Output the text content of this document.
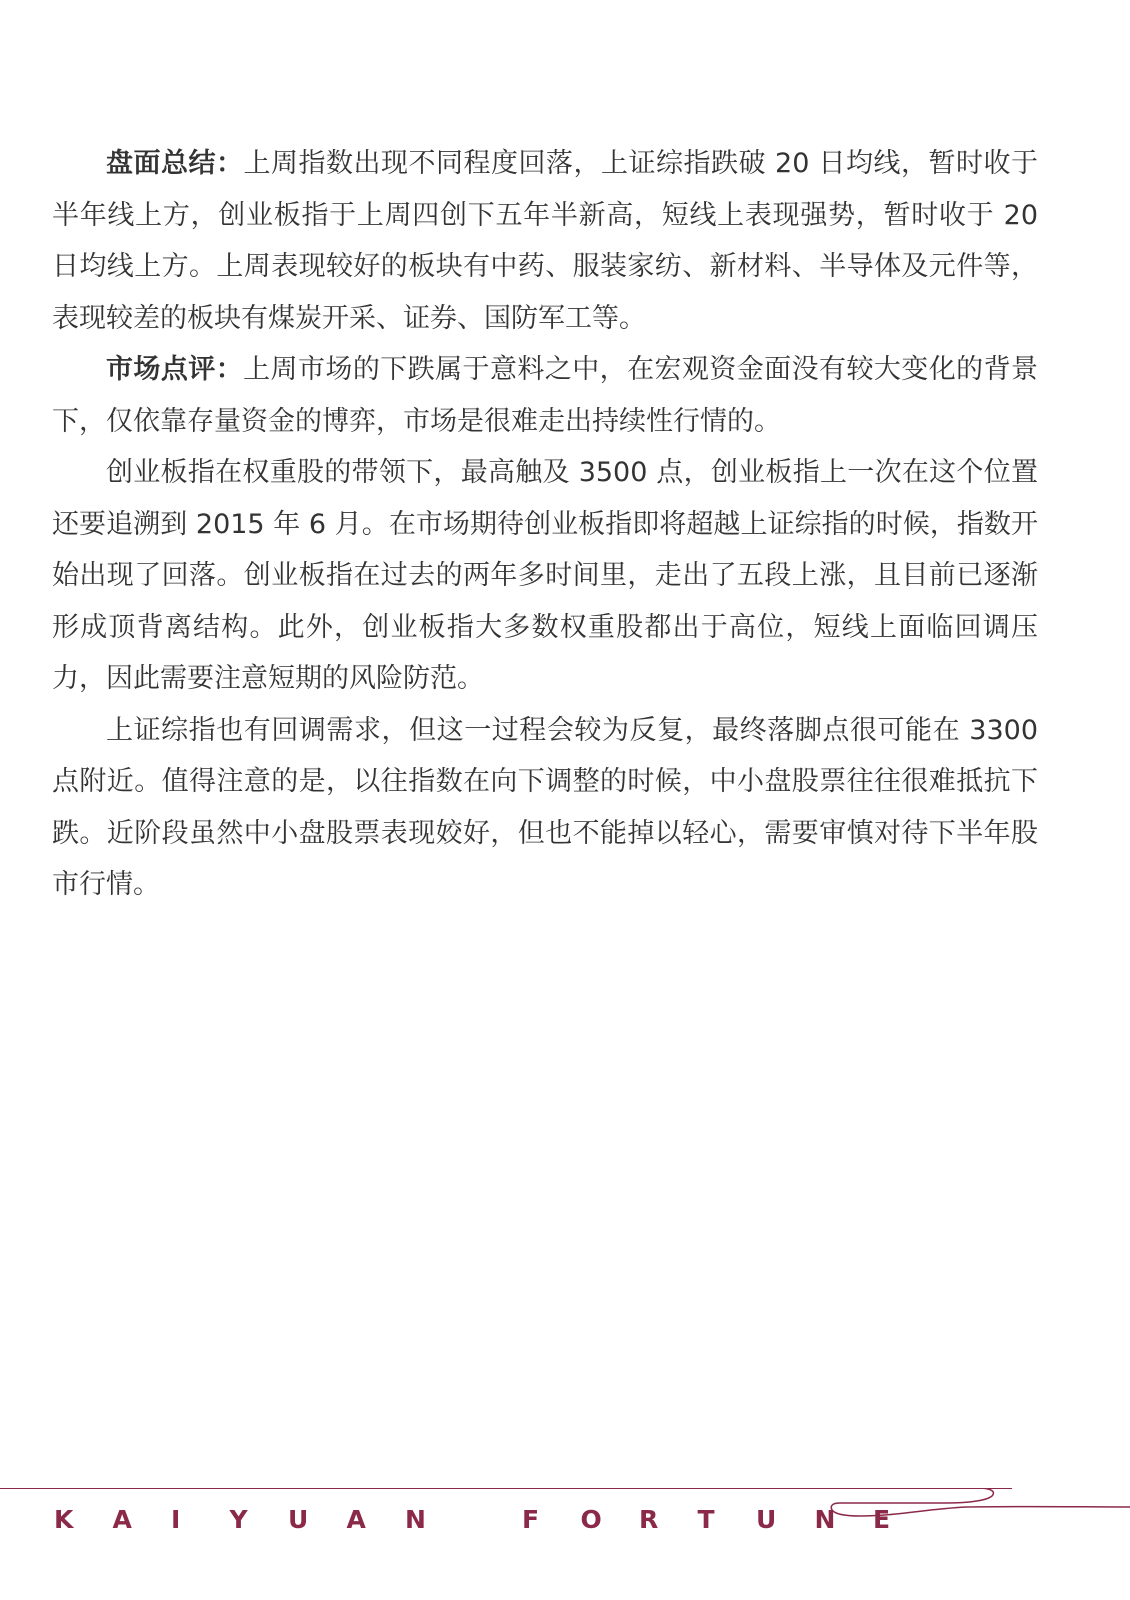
盘面总结：上周指数出现不同程度回落，上证综指跌破 20 日均线，暂时收于半年线上方，创业板指于上周四创下五年半新高，短线上表现强势，暂时收于 20 日均线上方。上周表现较好的板块有中药、服装家纺、新材料、半导体及元件等，表现较差的板块有煤炭开采、证券、国防军工等。

市场点评：上周市场的下跌属于意料之中，在宏观资金面没有较大变化的背景下，仅依靠存量资金的博弈，市场是很难走出持续性行情的。

创业板指在权重股的带领下，最高触及 3500 点，创业板指上一次在这个位置还要追溯到 2015 年 6 月。在市场期待创业板指即将超越上证综指的时候，指数开始出现了回落。创业板指在过去的两年多时间里，走出了五段上涨，且目前已逐渐形成顶背离结构。此外，创业板指大多数权重股都出于高位，短线上面临回调压力，因此需要注意短期的风险防范。

上证综指也有回调需求，但这一过程会较为反复，最终落脚点很可能在 3300 点附近。值得注意的是，以往指数在向下调整的时候，中小盘股票往往很难抵抗下跌。近阶段虽然中小盘股票表现姣好，但也不能掉以轻心，需要审慎对待下半年股市行情。

K	A	I	Y	U	A	N	F	O	R	T	U	N	E
